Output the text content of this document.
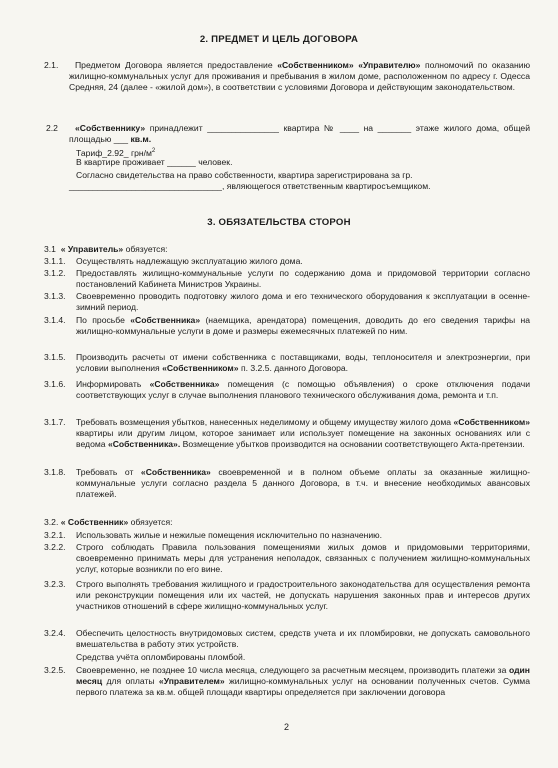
2. ПРЕДМЕТ И ЦЕЛЬ ДОГОВОРА
2.1.	Предметом Договора является предоставление «Собственником» «Управителю» полномочий по оказанию жилищно-коммунальных услуг для проживания и пребывания в жилом доме, расположенном по адресу г. Одесса Средняя, 24 (далее - «жилой дом»), в соответствии с условиями Договора и действующим законодательством.

2.2	«Собственнику» принадлежит _______________ квартира № ____ на _______ этаже жилого дома, общей площадью ___ кв.м.

Тариф_2.92_ грн/$м^2$
В квартире проживает ______ человек.
Согласно свидетельства на право собственности, квартира зарегистрирована за гр.
________________________________, являющегося ответственным квартиросъемщиком.
3. ОБЯЗАТЕЛЬСТВА СТОРОН
3.1 « Управитель» обязуется:
3.1.1. Осуществлять надлежащую эксплуатацию жилого дома.

3.1.2. Предоставлять жилищно-коммунальные услуги по содержанию дома и придомовой территории согласно постановлений Кабинета Министров Украины.

3.1.3. Своевременно проводить подготовку жилого дома и его технического оборудования к эксплуатации в осенне-зимний период.

3.1.4. По просьбе «Собственника» (наемщика, арендатора) помещения, доводить до его сведения тарифы на жилищно-коммунальные услуги в доме и размеры ежемесячных платежей по ним.

3.1.5. Производить расчеты от имени собственника с поставщиками, воды, теплоносителя и электроэнергии, при условии выполнения «Собственником» п. 3.2.5. данного Договора.

3.1.6. Информировать «Собственника» помещения (с помощью объявления) о сроке отключения подачи соответствующих услуг в случае выполнения планового технического обслуживания дома, ремонта и т.п.

3.1.7. Требовать возмещения убытков, нанесенных неделимому и общему имуществу жилого дома «Собственником» квартиры или другим лицом, которое занимает или использует помещение на законных основаниях или с ведома «Собственника». Возмещение убытков производится на основании соответствующего Акта-претензии.

3.1.8. Требовать от «Собственника» своевременной и в полном объеме оплаты за оказанные жилищно-коммунальные услуги согласно раздела 5 данного Договора, в т.ч. и внесение необходимых авансовых платежей.

3.2. « Собственник» обязуется:
3.2.1. Использовать жилые и нежилые помещения исключительно по назначению.

3.2.2. Строго соблюдать Правила пользования помещениями жилых домов и придомовыми территориями, своевременно принимать меры для устранения неполадок, связанных с получением жилищно-коммунальных услуг, которые возникли по его вине.

3.2.3. Строго выполнять требования жилищного и градостроительного законодательства для осуществления ремонта или реконструкции помещения или их частей, не допускать нарушения законных прав и интересов других участников отношений в сфере жилищно-коммунальных услуг.

3.2.4. Обеспечить целостность внутридомовых систем, средств учета и их пломбировки, не допускать самовольного вмешательства в работу этих устройств.

Средства учёта опломбированы пломбой.
3.2.5. Своевременно, не позднее 10 числа месяца, следующего за расчетным месяцем, производить платежи за один месяц для оплаты «Управителем» жилищно-коммунальных услуг на основании полученных счетов. Сумма первого платежа за кв.м. общей площади квартиры определяется при заключении договора

2
